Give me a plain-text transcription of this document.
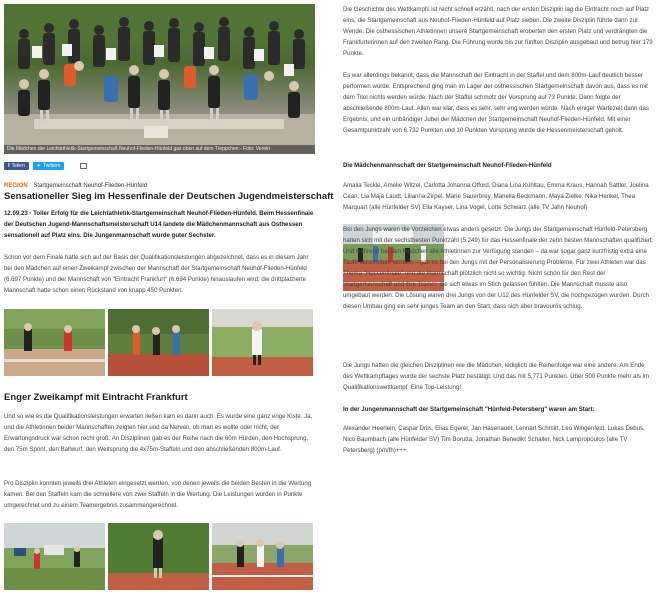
Die Mädchen der Leichtathletik-Startgemeinschaft Neuhof-Flieden-Hünfeld gaz oben auf dem Treppchen - Foto: Verein
f Teilen ✦ Twittern
REGION Startgemeinschaft Neuhof-Flieden-Hünfeld
Sensationeller Sieg im Hessenfinale der Deutschen Jugendmeisterschaft

12.09.23 - Toller Erfolg für die Leichtathletik-Startgemeinschaft Neuhof-Flieden-Hünfeld. Beim Hessenfinale der Deutschen Jugend-Mannschaftsmeisterschaft U14 landete die Mädchenmannschaft aus Osthessen sensationell auf Platz eins. Die Jungenmannschaft wurde guter Sechster.

Schon vor dem Finale hatte sich auf der Basis der Qualifikationsleistungen abgezeichnet, dass es in diesem Jahr bei den Mädchen auf einen Zweikampf zwischen der Mannschaft der Startgemeinschaft Neuhof-Flieden-Hünfeld (6.697 Punkte) und der Mannschaft von "Eintracht Frankfurt" (6.694 Punkte) hinauslaufen wird; die drittplatzierte Mannschaft hatte schon einen Rückstand von knapp 450 Punkten.

Enger Zweikampf mit Eintracht Frankfurt

Und so wie es die Qualifikationsleistungen erwarten ließen kam es dann auch. Es wurde eine ganz enge Kiste. Ja, und die Athletinnen beider Mannschaften zeigten hier und da Nerven, ob man es wollte oder nicht, der Erwartungsdruck war schon recht groß. An Disziplinen gab es der Reihe nach die 60m Hürden, den Hochsprung, den 75m Sprint, den Ballwurf, den Weitsprung die 4x75m-Staffeln und den abschließenden 800m-Lauf.

Pro Disziplin konnten jeweils drei Athleten eingesetzt werden, von denen jeweils die beiden Besten in die Wertung kamen. Bei den Staffeln kam die schnellere von zwei Staffeln in die Wertung. Die Leistungen wurden in Punkte umgerechnet und zu einem Teamergebnis zusammengerechnet.

Die Geschichte des Wettkampfs ist recht schnell erzählt, nach der ersten Disziplin lag die Eintracht noch auf Platz eins, die Startgemeinschaft aus Neuhof-Flieden-Hünfeld auf Platz sieben. Die zweite Disziplin führte dann zur Wende. Die osthessischen Athletinnen unsere Startgemeinschaft eroberten den ersten Platz und verdrängten die Frankfurterinnen auf den zweiten Rang. Die Führung wurde bis zur fünften Disziplin ausgebaut und betrug hier 179 Punkte.

Es war allerdings bekannt, dass die Mannschaft der Eintracht in der Staffel und dem 800m-Lauf deutlich besser performen würde. Entsprechend ging man im Lager der osthessischen Startgemeinschaft davon aus, dass es mit dem Titel nichts werden würde. Nach der Staffel schmolz der Vorsprung auf 73 Punkte. Dann folgte der abschließende 800m-Lauf. Allen war klar, dass es sehr, sehr eng werden würde. Nach einiger Wartezeit dann das Ergebnis; und ein unbändiger Jubel der Mädchen der Startgemeinschaft Neuhof-Flieden-Hünfeld. Mit einer Gesamtpunktzahl von 6.732 Punkten und 10 Punkten Vorsprung wurde die Hessenmeisterschaft geholt.

Die Mädchenmannschaft der Startgemeinschaft Neuhof-Flieden-Hünfeld

Amalia Teckle, Amelie Witzel, Carlotta Johanna Offord, Diana Lina Kühltau, Emma Kraus, Hannah Sattler, Joelina Cean, Lia Maja Laudt, Lilianna Zirpel, Marie Sauerbrey, Mariella Beckmann, Maya Zielke, Nika Henkel, Thea Marquart (alle Hünfelder SV) Ella Kayser, Lina Vogel, Lotte Schwarz (alle TV Jahn Neuhof)

Bei den Jungs waren die Vorzeichen etwas anders gesetzt. Die Jungs der Startgemeinschaft Hünfeld-Petersberg hatten sich mit der sechstbesten Punktzahl (5.249) für das Hessenfinale der zehn besten Mannschaften qualifiziert. Und während bei den Mädchen alle Athletinnen zur Verfügung standen – da war sogar ganz kurzfristig extra eine Taufe verschoben worden – gab es bei den Jungs mit der Personalisierung Probleme. Für zwei Athleten war das Thema "Hessenfinale" und die Mannschaft plötzlich nicht so wichtig. Nicht schön für den Rest der Startgemeinschaft und ihre Trainer, die sich etwas im Stich gelassen fühlten. Die Mannschaft musste also umgebaut werden. Die Lösung waren drei Jungs von der U12 des Hünfelder SV, die hochgezogen wurden. Durch diesen Umbau ging ein sehr junges Team an den Start, dass sich aber bravourös schlug.

Die Jungs hatten die gleichen Disziplinen wie die Mädchen, lediglich die Reihenfolge war eine andere. Am Ende des Wettkampftages wurde der sechste Platz bestätigt. Und das mit 5.771 Punkten. Über 500 Punkte mehr als im Qualifikationswettkampf. Eine Top-Leistung!

In der Jungenmannschaft der Startgemeinschaft "Hünfeld-Petersberg" waren am Start:

Alexander Heerlein, Caspar Driis, Elias Egerer, Jan Hasenauer, Lennart Schmitt, Leo Wingenfeld, Lukas Debus, Nico Baumbach (alle Hünfelder SV) Tim Borutta, Jonathan Benedikt Schaller, Nick Lampropoulos (alle TV Petersberg) (pm/fh)+++
